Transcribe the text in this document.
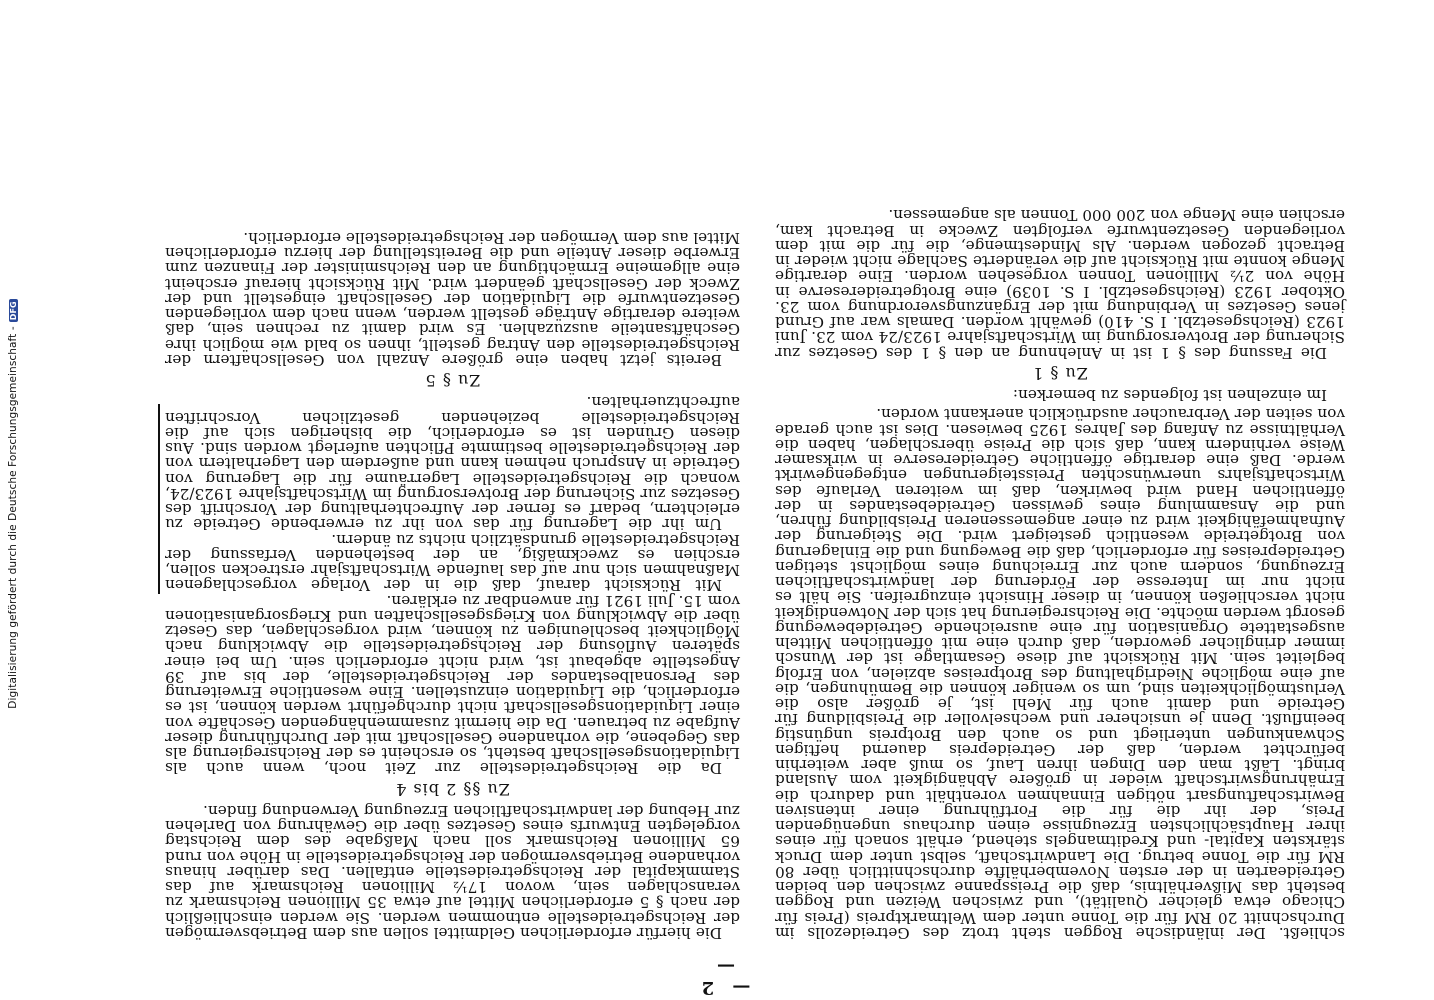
Digitalisierung gefördert durch die Deutsche Forschungsgemeinschaft -DFG
— 2 —

schließt. Der inländische Roggen steht trotz des Getreidezolls im Durchschnitt 20 RM für die Tonne unter dem Weltmarktpreis (Preis für Chicago etwa gleicher Qualität), und zwischen Weizen und Roggen besteht das Mißverhältnis, daß die Preisspanne zwischen den beiden Getreidearten in der ersten Novemberhälfte durchschnittlich über 80 RM für die Tonne betrug. Die Landwirtschaft, selbst unter dem Druck stärksten Kapital- und Kreditmangels stehend, erhält sonach für eines ihrer Hauptsächlichsten Erzeugnisse einen durchaus ungenügenden Preis, der ihr die für die Fortführung einer intensiven Bewirtschaftungsart nötigen Einnahmen vorenthält und dadurch die Ernährungswirtschaft wieder in größere Abhängigkeit vom Ausland bringt. Läßt man den Dingen ihren Lauf, so muß aber weiterhin befürchtet werden, daß der Getreidepreis dauernd heftigen Schwankungen unterliegt und so auch den Brotpreis ungünstig beeinflußt. Denn je unsicherer und wechselvoller die Preisbildung für Getreide und damit auch für Mehl ist, je größer also die Verlustmöglichkeiten sind, um so weniger können die Bemühungen, die auf eine mögliche Niedrighaltung des Brotpreises abzielen, von Erfolg begleitet sein. Mit Rücksicht auf diese Gesamtlage ist der Wunsch immer dringlicher geworden, daß durch eine mit öffentlichen Mitteln ausgestattete Organisation für eine ausreichende Getreidebewegung gesorgt werden möchte. Die Reichsregierung hat sich der Notwendigkeit nicht verschließen können, in dieser Hinsicht einzugreifen. Sie hält es nicht nur im Interesse der Förderung der landwirtschaftlichen Erzeugung, sondern auch zur Erreichung eines möglichst stetigen Getreidepreises für erforderlich, daß die Bewegung und die Einlagerung von Brotgetreide wesentlich gesteigert wird. Die Steigerung der Aufnahmefähigkeit wird zu einer angemesseneren Preisbildung führen, und die Ansammlung eines gewissen Getreidebestandes in der öffentlichen Hand wird bewirken, daß im weiteren Verlaufe des Wirtschaftsjahrs unerwünschten Preissteigerungen entgegengewirkt werde. Daß eine derartige öffentliche Getreidereserve in wirksamer Weise verhindern kann, daß sich die Preise überschlagen, haben die Verhältnisse zu Anfang des Jahres 1925 bewiesen. Dies ist auch gerade von seiten der Verbraucher ausdrücklich anerkannt worden.

Im einzelnen ist folgendes zu bemerken:

Zu § 1

Die Fassung des § 1 ist in Anlehnung an den § 1 des Gesetzes zur Sicherung der Brotversorgung im Wirtschaftsjahre 1923/24 vom 23. Juni 1923 (Reichsgesetzbl. I S. 410) gewählt worden. Damals war auf Grund jenes Gesetzes in Verbindung mit der Ergänzungsverordnung vom 23. Oktober 1923 (Reichsgesetzbl. I S. 1039) eine Brotgetreidereserve in Höhe von 2½ Millionen Tonnen vorgesehen worden. Eine derartige Menge konnte mit Rücksicht auf die veränderte Sachlage nicht wieder in Betracht gezogen werden. Als Mindestmenge, die für die mit dem vorliegenden Gesetzentwurfe verfolgten Zwecke in Betracht kam, erschien eine Menge von 200 000 Tonnen als angemessen.

Die hierfür erforderlichen Geldmittel sollen aus dem Betriebsvermögen der Reichsgetreidestelle entnommen werden. Sie werden einschließlich der nach § 5 erforderlichen Mittel auf etwa 35 Millionen Reichsmark zu veranschlagen sein, wovon 17½ Millionen Reichsmark auf das Stammkapital der Reichsgetreidestelle entfallen. Das darüber hinaus vorhandene Betriebsvermögen der Reichsgetreidestelle in Höhe von rund 65 Millionen Reichsmark soll nach Maßgabe des dem Reichstag vorgelegten Entwurfs eines Gesetzes über die Gewährung von Darlehen zur Hebung der landwirtschaftlichen Erzeugung Verwendung finden.

Zu §§ 2 bis 4

Da die Reichsgetreidestelle zur Zeit noch, wenn auch als Liquidationsgesellschaft besteht, so erscheint es der Reichsregierung als das Gegebene, die vorhandene Gesellschaft mit der Durchführung dieser Aufgabe zu betrauen. Da die hiermit zusammenhängenden Geschäfte von einer Liquidationsgesellschaft nicht durchgeführt werden können, ist es erforderlich, die Liquidation einzustellen. Eine wesentliche Erweiterung des Personalbestandes der Reichsgetreidestelle, der bis auf 39 Angestellte abgebaut ist, wird nicht erforderlich sein. Um bei einer späteren Auflösung der Reichsgetreidestelle die Abwicklung nach Möglichkeit beschleunigen zu können, wird vorgeschlagen, das Gesetz über die Abwicklung von Kriegsgesellschaften und Kriegsorganisationen vom 15. Juli 1921 für anwendbar zu erklären.

Mit Rücksicht darauf, daß die in der Vorlage vorgeschlagenen Maßnahmen sich nur auf das laufende Wirtschaftsjahr erstrecken sollen, erschien es zweckmäßig, an der bestehenden Verfassung der Reichsgetreidestelle grundsätzlich nichts zu ändern.

Um ihr die Lagerung für das von ihr zu erwerbende Getreide zu erleichtern, bedarf es ferner der Aufrechterhaltung der Vorschrift des Gesetzes zur Sicherung der Brotversorgung im Wirtschaftsjahre 1923/24, wonach die Reichsgetreidestelle Lagerräume für die Lagerung von Getreide in Anspruch nehmen kann und außerdem den Lagerhaltern von der Reichsgetreidestelle bestimmte Pflichten auferlegt worden sind. Aus diesen Gründen ist es erforderlich, die bisherigen sich auf die Reichsgetreidestelle beziehenden gesetzlichen Vorschriften aufrechtzuerhalten.

Zu § 5

Bereits jetzt haben eine größere Anzahl von Gesellschaftern der Reichsgetreidestelle den Antrag gestellt, ihnen so bald wie möglich ihre Geschäftsanteile auszuzahlen. Es wird damit zu rechnen sein, daß weitere derartige Anträge gestellt werden, wenn nach dem vorliegenden Gesetzentwurfe die Liquidation der Gesellschaft eingestellt und der Zweck der Gesellschaft geändert wird. Mit Rücksicht hierauf erscheint eine allgemeine Ermächtigung an den Reichsminister der Finanzen zum Erwerbe dieser Anteile und die Bereitstellung der hierzu erforderlichen Mittel aus dem Vermögen der Reichsgetreidestelle erforderlich.
